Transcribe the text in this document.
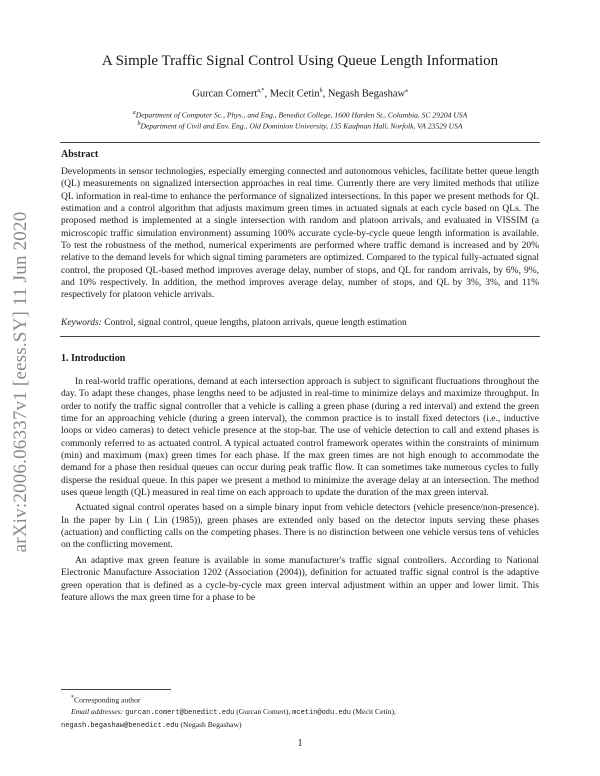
arXiv:2006.06337v1 [eess.SY] 11 Jun 2020
A Simple Traffic Signal Control Using Queue Length Information
Gurcan Comert$^{a,*}$, Mecit Cetin$^b$, Negash Begashaw$^a$
$^a$Department of Computer Sc., Phys., and Eng., Benedict College, 1600 Harden St., Columbia, SC 29204 USA
$^b$Department of Civil and Env. Eng., Old Dominion University, 135 Kaufman Hall, Norfolk, VA 23529 USA
Abstract

Developments in sensor technologies, especially emerging connected and autonomous vehicles, facilitate better queue length (QL) measurements on signalized intersection approaches in real time. Currently there are very limited methods that utilize QL information in real-time to enhance the performance of signalized intersections. In this paper we present methods for QL estimation and a control algorithm that adjusts maximum green times in actuated signals at each cycle based on QLs. The proposed method is implemented at a single intersection with random and platoon arrivals, and evaluated in VISSIM (a microscopic traffic simulation environment) assuming 100% accurate cycle-by-cycle queue length information is available. To test the robustness of the method, numerical experiments are performed where traffic demand is increased and by 20% relative to the demand levels for which signal timing parameters are optimized. Compared to the typical fully-actuated signal control, the proposed QL-based method improves average delay, number of stops, and QL for random arrivals, by 6%, 9%, and 10% respectively. In addition, the method improves average delay, number of stops, and QL by 3%, 3%, and 11% respectively for platoon vehicle arrivals.

Keywords: Control, signal control, queue lengths, platoon arrivals, queue length estimation
1. Introduction

In real-world traffic operations, demand at each intersection approach is subject to significant fluctuations throughout the day. To adapt these changes, phase lengths need to be adjusted in real-time to minimize delays and maximize throughput. In order to notify the traffic signal controller that a vehicle is calling a green phase (during a red interval) and extend the green time for an approaching vehicle (during a green interval), the common practice is to install fixed detectors (i.e., inductive loops or video cameras) to detect vehicle presence at the stop-bar. The use of vehicle detection to call and extend phases is commonly referred to as actuated control. A typical actuated control framework operates within the constraints of minimum (min) and maximum (max) green times for each phase. If the max green times are not high enough to accommodate the demand for a phase then residual queues can occur during peak traffic flow. It can sometimes take numerous cycles to fully disperse the residual queue. In this paper we present a method to minimize the average delay at an intersection. The method uses queue length (QL) measured in real time on each approach to update the duration of the max green interval.

Actuated signal control operates based on a simple binary input from vehicle detectors (vehicle presence/non-presence). In the paper by Lin ( Lin (1985)), green phases are extended only based on the detector inputs serving these phases (actuation) and conflicting calls on the competing phases. There is no distinction between one vehicle versus tens of vehicles on the conflicting movement.

An adaptive max green feature is available in some manufacturer's traffic signal controllers. According to National Electronic Manufacture Association 1202 (Association (2004)), definition for actuated traffic signal control is the adaptive green operation that is defined as a cycle-by-cycle max green interval adjustment within an upper and lower limit. This feature allows the max green time for a phase to be

*Corresponding author
Email addresses: gurcan.comert@benedict.edu (Gurcan Comert), mcetin@odu.edu (Mecit Cetin),
negash.begashaw@benedict.edu (Negash Begashaw)
1
